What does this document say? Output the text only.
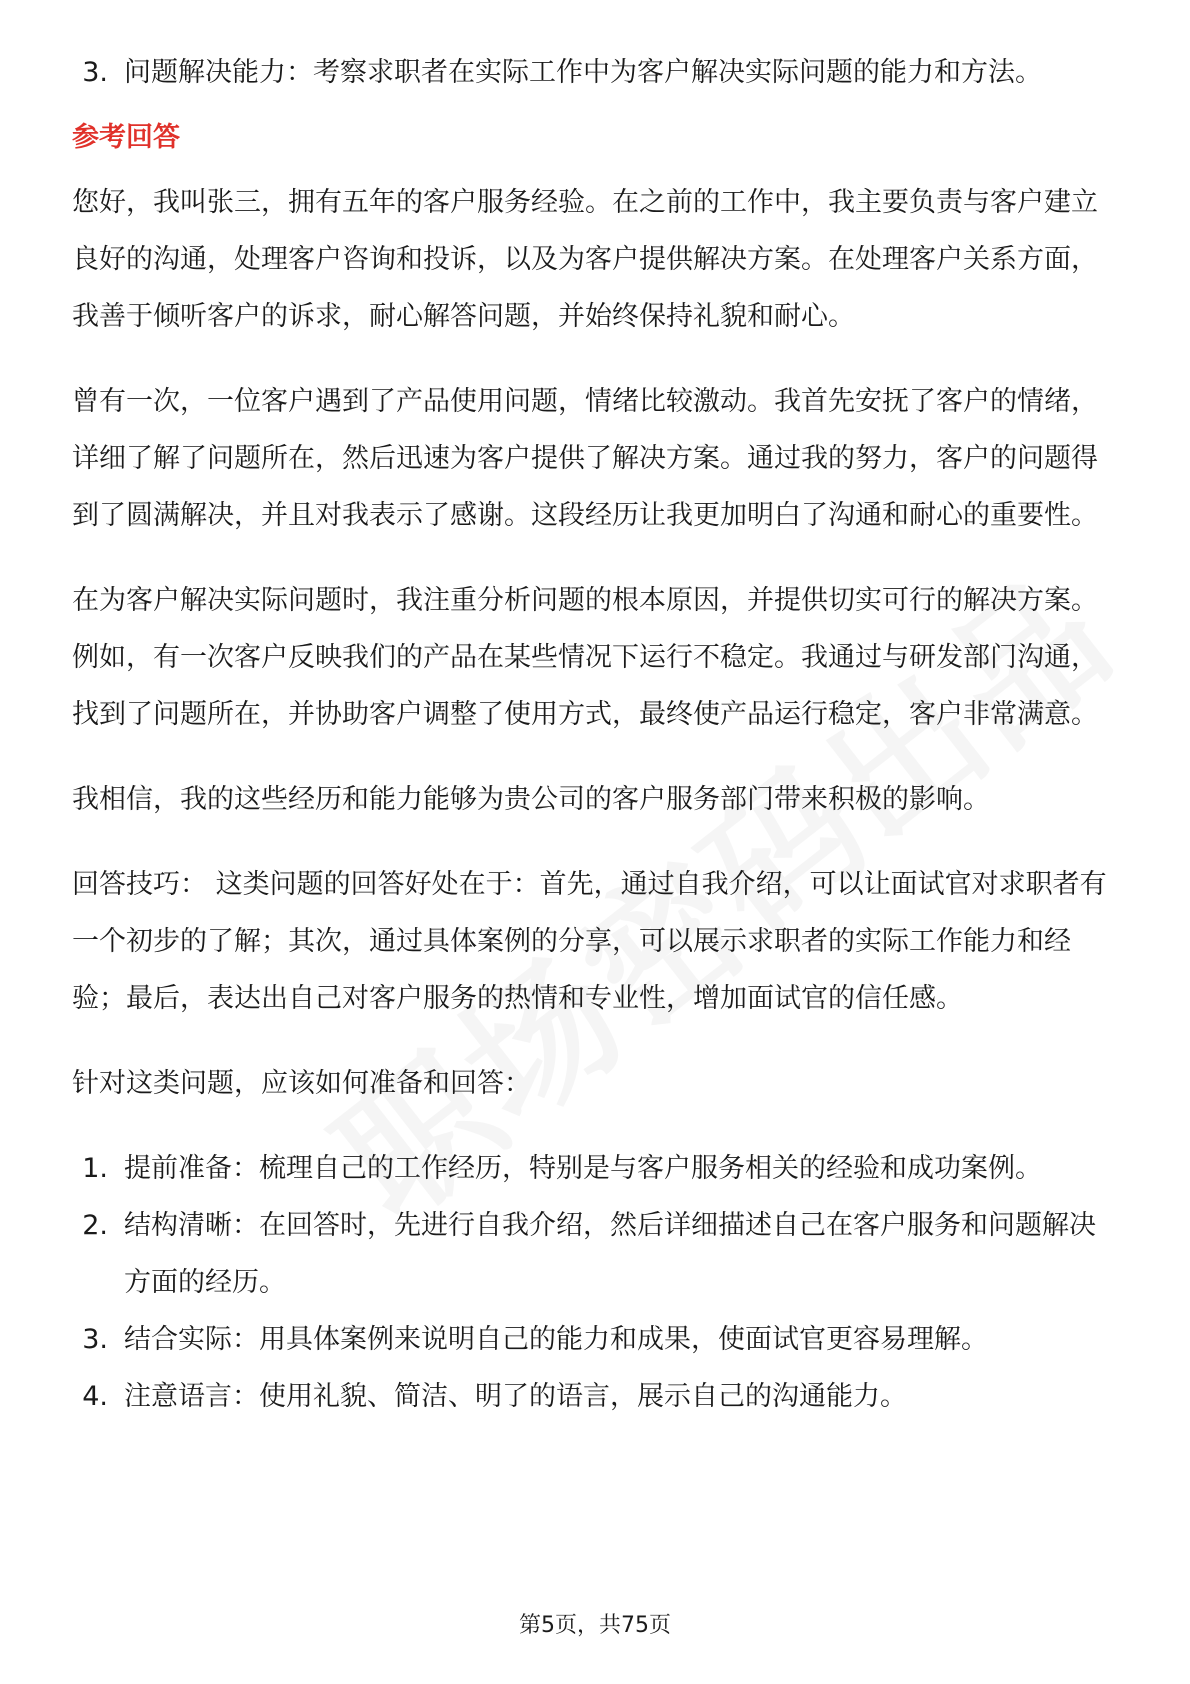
3. 问题解决能力：考察求职者在实际工作中为客户解决实际问题的能力和方法。
参考回答

您好，我叫张三，拥有五年的客户服务经验。在之前的工作中，我主要负责与客户建立良好的沟通，处理客户咨询和投诉，以及为客户提供解决方案。在处理客户关系方面，我善于倾听客户的诉求，耐心解答问题，并始终保持礼貌和耐心。

曾有一次，一位客户遇到了产品使用问题，情绪比较激动。我首先安抚了客户的情绪，详细了解了问题所在，然后迅速为客户提供了解决方案。通过我的努力，客户的问题得到了圆满解决，并且对我表示了感谢。这段经历让我更加明白了沟通和耐心的重要性。

在为客户解决实际问题时，我注重分析问题的根本原因，并提供切实可行的解决方案。例如，有一次客户反映我们的产品在某些情况下运行不稳定。我通过与研发部门沟通，找到了问题所在，并协助客户调整了使用方式，最终使产品运行稳定，客户非常满意。

我相信，我的这些经历和能力能够为贵公司的客户服务部门带来积极的影响。

回答技巧： 这类问题的回答好处在于：首先，通过自我介绍，可以让面试官对求职者有一个初步的了解；其次，通过具体案例的分享，可以展示求职者的实际工作能力和经验；最后，表达出自己对客户服务的热情和专业性，增加面试官的信任感。

针对这类问题，应该如何准备和回答：

1. 提前准备：梳理自己的工作经历，特别是与客户服务相关的经验和成功案例。
2. 结构清晰：在回答时，先进行自我介绍，然后详细描述自己在客户服务和问题解决方面的经历。
3. 结合实际：用具体案例来说明自己的能力和成果，使面试官更容易理解。
4. 注意语言：使用礼貌、简洁、明了的语言，展示自己的沟通能力。
第5页，共75页
